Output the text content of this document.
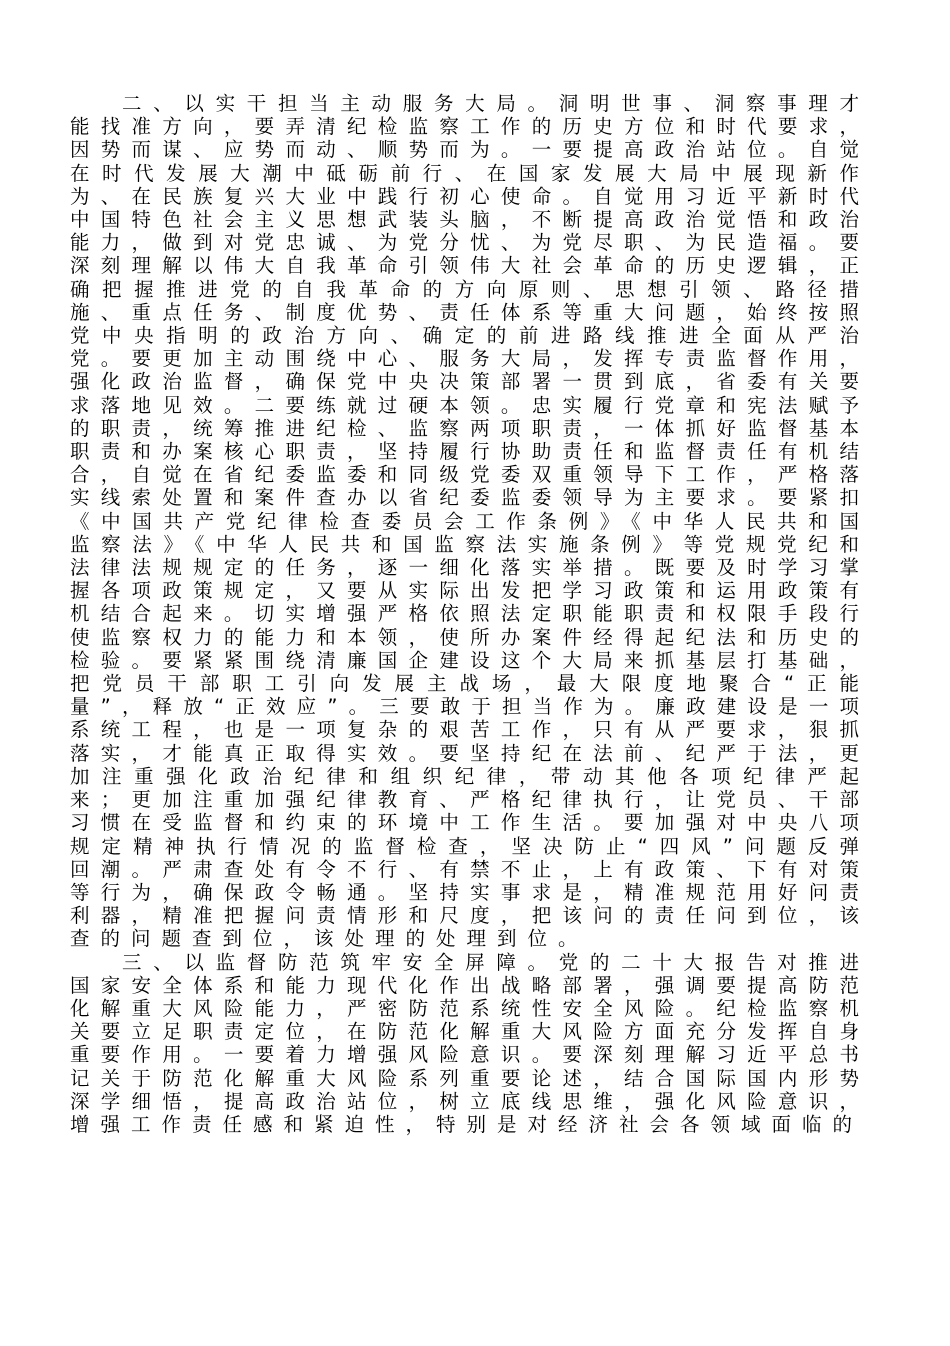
二、以实干担当主动服务大局。洞明世事、洞察事理才能找准方向，要弄清纪检监察工作的历史方位和时代要求，因势而谋、应势而动、顺势而为。一要提高政治站位。自觉在时代发展大潮中砥砺前行、在国家发展大局中展现新作为、在民族复兴大业中践行初心使命。自觉用习近平新时代中国特色社会主义思想武装头脑，不断提高政治觉悟和政治能力，做到对党忠诚、为党分忧、为党尽职、为民造福。要深刻理解以伟大自我革命引领伟大社会革命的历史逻辑，正确把握推进党的自我革命的方向原则、思想引领、路径措施、重点任务、制度优势、责任体系等重大问题，始终按照党中央指明的政治方向、确定的前进路线推进全面从严治党。要更加主动围绕中心、服务大局，发挥专责监督作用，强化政治监督，确保党中央决策部署一贯到底，省委有关要求落地见效。二要练就过硬本领。忠实履行党章和宪法赋予的职责，统筹推进纪检、监察两项职责，一体抓好监督基本职责和办案核心职责，坚持履行协助责任和监督责任有机结合，自觉在省纪委监委和同级党委双重领导下工作，严格落实线索处置和案件查办以省纪委监委领导为主要求。要紧扣《中国共产党纪律检查委员会工作条例》《中华人民共和国监察法》《中华人民共和国监察法实施条例》等党规党纪和法律法规规定的任务，逐一细化落实举措。既要及时学习掌握各项政策规定，又要从实际出发把学习政策和运用政策有机结合起来。切实增强严格依照法定职能职责和权限手段行使监察权力的能力和本领，使所办案件经得起纪法和历史的检验。要紧紧围绕清廉国企建设这个大局来抓基层打基础，把党员干部职工引向发展主战场，最大限度地聚合“正能量”，释放“正效应”。三要敢于担当作为。廉政建设是一项系统工程，也是一项复杂的艰苦工作，只有从严要求，狠抓落实，才能真正取得实效。要坚持纪在法前、纪严于法，更加注重强化政治纪律和组织纪律，带动其他各项纪律严起来；更加注重加强纪律教育、严格纪律执行，让党员、干部习惯在受监督和约束的环境中工作生活。要加强对中央八项规定精神执行情况的监督检查，坚决防止“四风”问题反弹回潮。严肃查处有令不行、有禁不止，上有政策、下有对策等行为，确保政令畅通。坚持实事求是，精准规范用好问责利器，精准把握问责情形和尺度，把该问的责任问到位，该查的问题查到位，该处理的处理到位。

三、以监督防范筑牢安全屏障。党的二十大报告对推进国家安全体系和能力现代化作出战略部署，强调要提高防范化解重大风险能力，严密防范系统性安全风险。纪检监察机关要立足职责定位，在防范化解重大风险方面充分发挥自身重要作用。一要着力增强风险意识。要深刻理解习近平总书记关于防范化解重大风险系列重要论述，结合国际国内形势深学细悟，提高政治站位，树立底线思维，强化风险意识，增强工作责任感和紧迫性，特别是对经济社会各领域面临的
